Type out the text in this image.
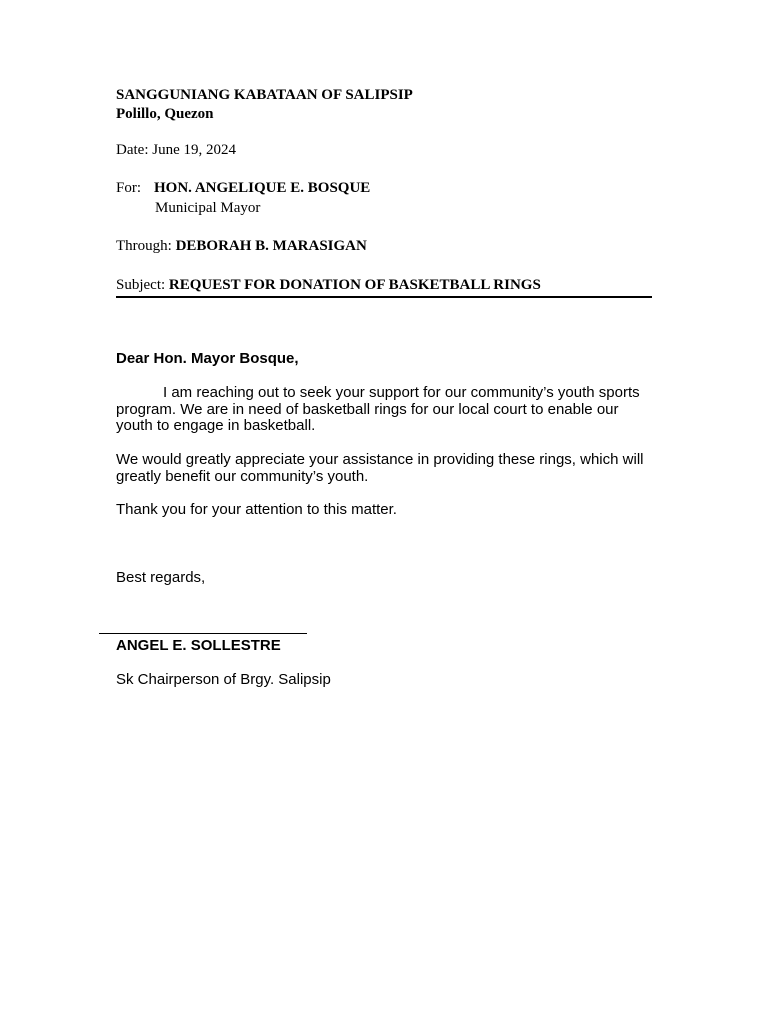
SANGGUNIANG KABATAAN OF SALIPSIP
Polillo, Quezon
Date: June 19, 2024
For: HON. ANGELIQUE E. BOSQUE
Municipal Mayor
Through: DEBORAH B. MARASIGAN
Subject: REQUEST FOR DONATION OF BASKETBALL RINGS
Dear Hon. Mayor Bosque,
I am reaching out to seek your support for our community’s youth sports program. We are in need of basketball rings for our local court to enable our youth to engage in basketball.
We would greatly appreciate your assistance in providing these rings, which will greatly benefit our community’s youth.
Thank you for your attention to this matter.
Best regards,
ANGEL E. SOLLESTRE
Sk Chairperson of Brgy. Salipsip
